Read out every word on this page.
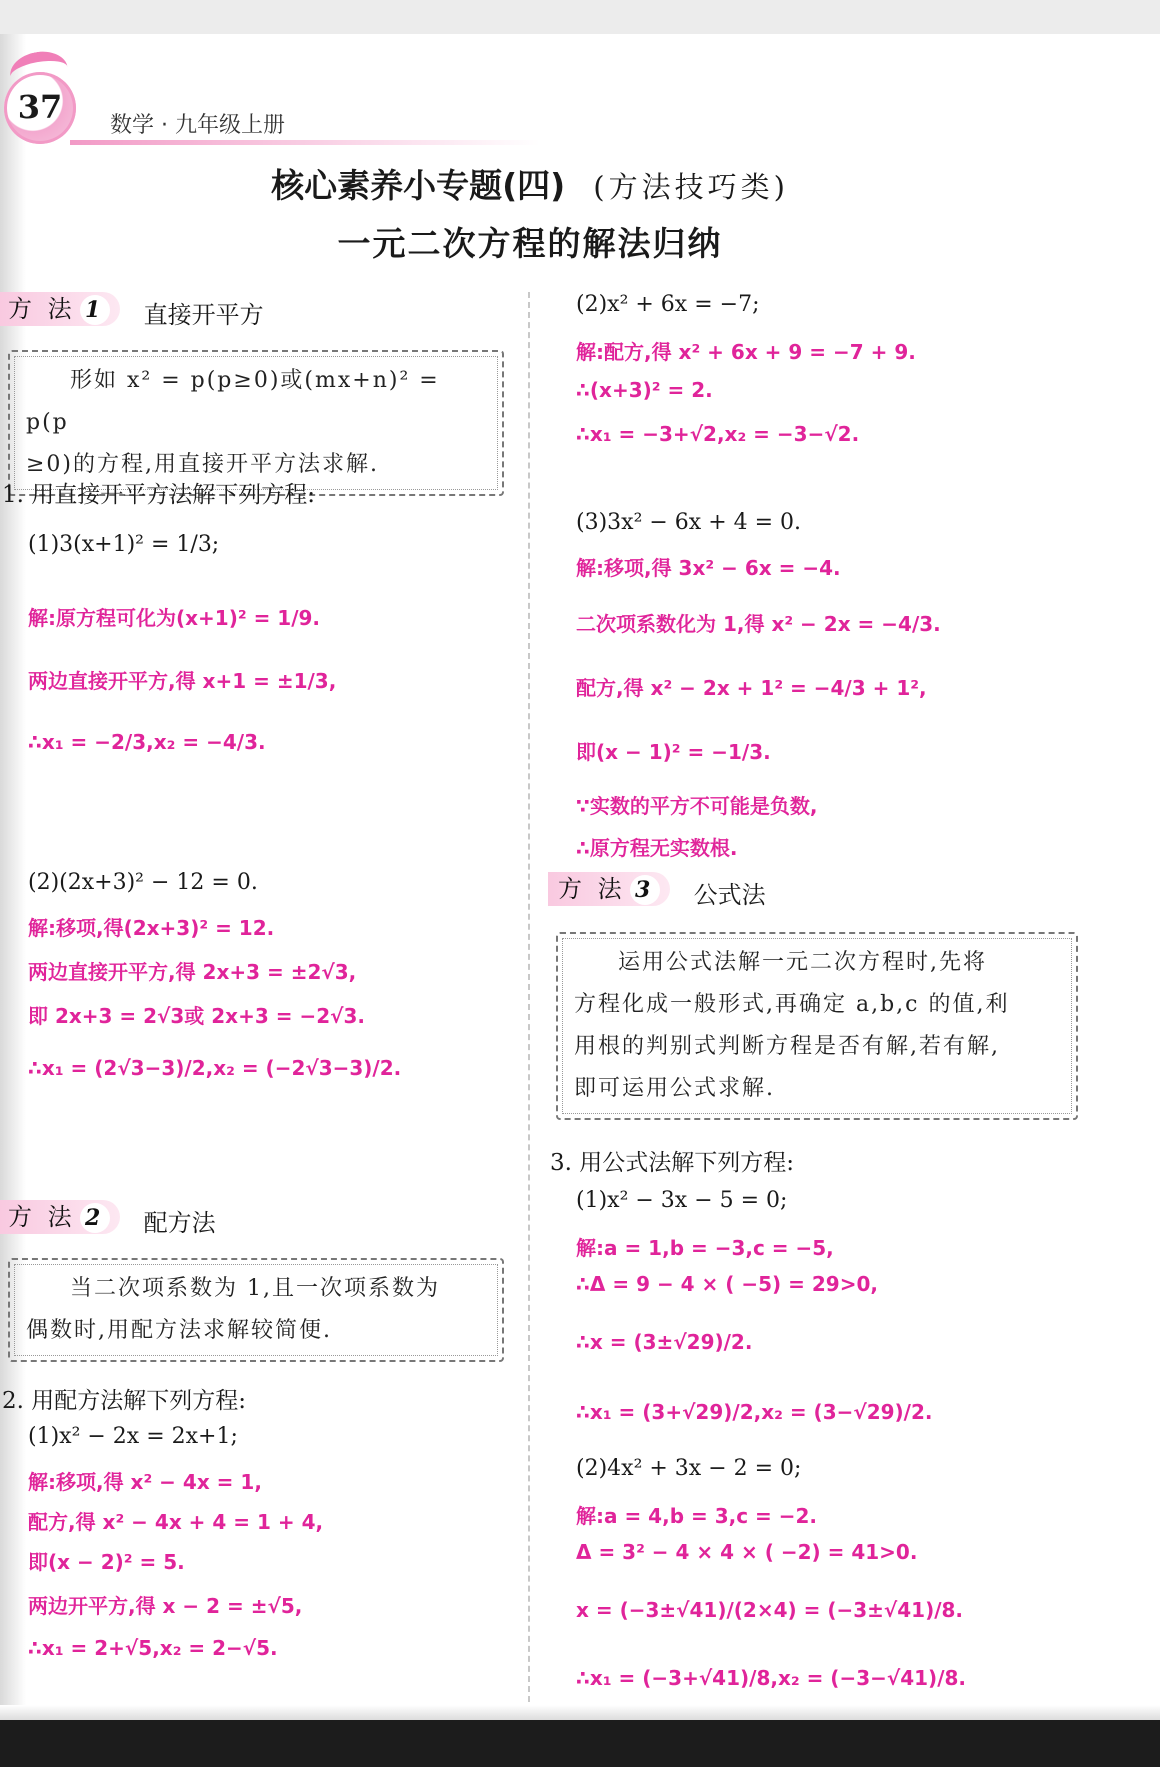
37	数学 · 九年级上册
核心素养小专题(四) (方法技巧类)
一元二次方程的解法归纳
方 法 1 直接开平方
形如 x² = p(p≥0)或(mx+n)² = p(p
≥0)的方程,用直接开平方法求解.
1. 用直接开平方法解下列方程:
(1)3(x+1)² = 1/3;
解:原方程可化为(x+1)² = 1/9.
两边直接开平方,得 x+1 = ±1/3,
∴x₁ = −2/3,x₂ = −4/3.
(2)(2x+3)² − 12 = 0.
解:移项,得(2x+3)² = 12.
两边直接开平方,得 2x+3 = ±2√3,
即 2x+3 = 2√3或 2x+3 = −2√3.
∴x₁ = (2√3−3)/2,x₂ = (−2√3−3)/2.
方 法 2 配方法
当二次项系数为 1,且一次项系数为
偶数时,用配方法求解较简便.
2. 用配方法解下列方程:
(1)x² − 2x = 2x+1;
解:移项,得 x² − 4x = 1,
配方,得 x² − 4x + 4 = 1 + 4,
即(x − 2)² = 5.
两边开平方,得 x − 2 = ±√5,
∴x₁ = 2+√5,x₂ = 2−√5.
(2)x² + 6x = −7;
解:配方,得 x² + 6x + 9 = −7 + 9.
∴(x+3)² = 2.
∴x₁ = −3+√2,x₂ = −3−√2.
(3)3x² − 6x + 4 = 0.
解:移项,得 3x² − 6x = −4.
二次项系数化为 1,得 x² − 2x = −4/3.
配方,得 x² − 2x + 1² = −4/3 + 1²,
即(x − 1)² = −1/3.
∵实数的平方不可能是负数,
∴原方程无实数根.
方 法 3 公式法
运用公式法解一元二次方程时,先将
方程化成一般形式,再确定 a,b,c 的值,利
用根的判别式判断方程是否有解,若有解,
即可运用公式求解.
3. 用公式法解下列方程:
(1)x² − 3x − 5 = 0;
解:a = 1,b = −3,c = −5,
∴Δ = 9 − 4 × ( −5) = 29>0,
∴x = (3±√29)/2.
∴x₁ = (3+√29)/2,x₂ = (3−√29)/2.
(2)4x² + 3x − 2 = 0;
解:a = 4,b = 3,c = −2.
Δ = 3² − 4 × 4 × ( −2) = 41>0.
x = (−3±√41)/(2×4) = (−3±√41)/8.
∴x₁ = (−3+√41)/8,x₂ = (−3−√41)/8.
